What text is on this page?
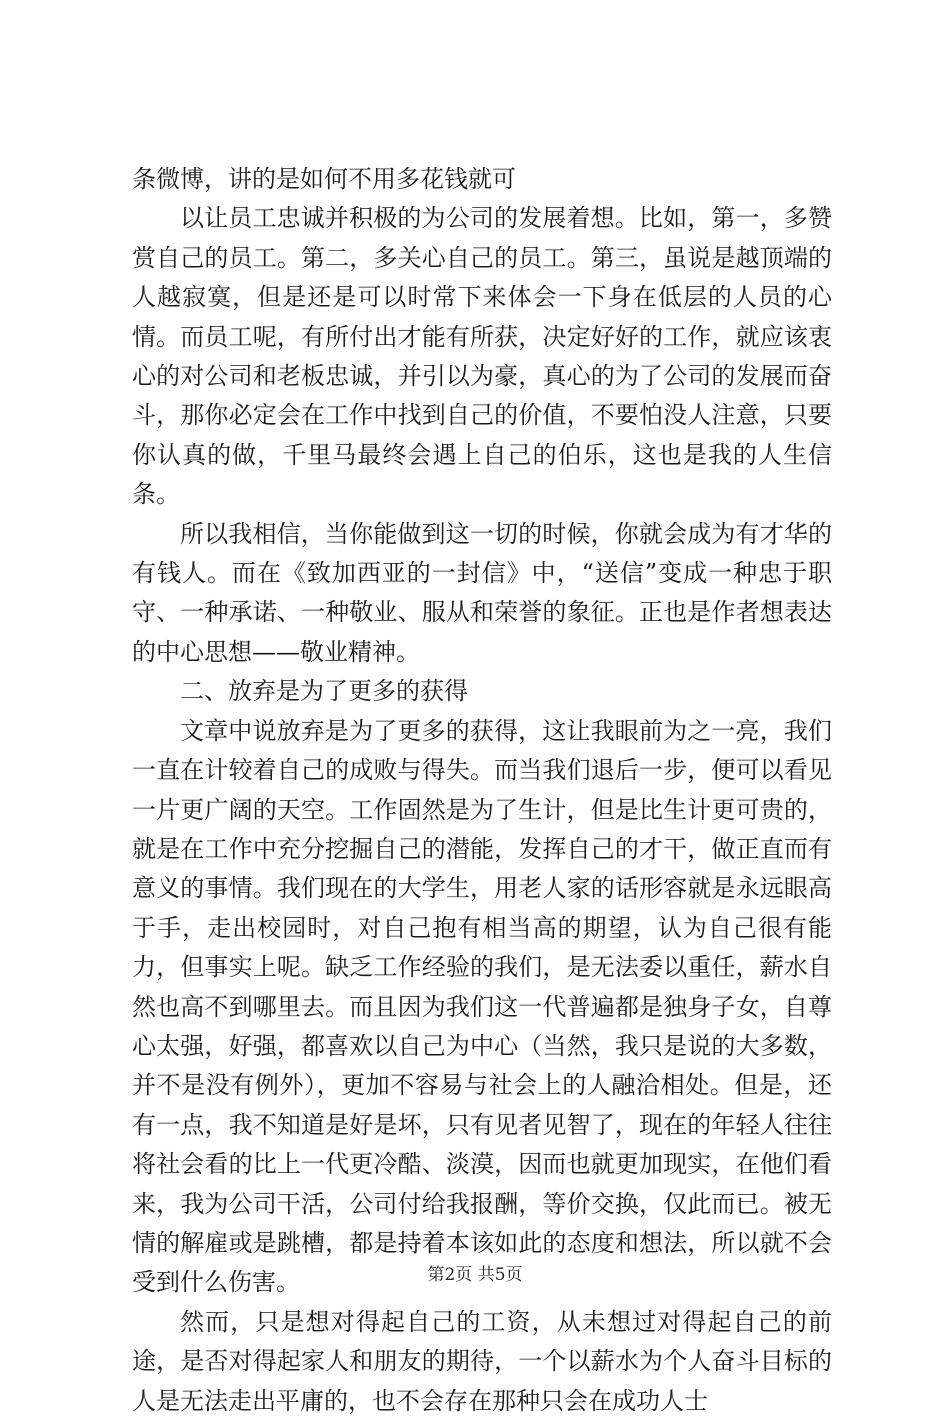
条微博，讲的是如何不用多花钱就可

以让员工忠诚并积极的为公司的发展着想。比如，第一，多赞赏自己的员工。第二，多关心自己的员工。第三，虽说是越顶端的人越寂寞，但是还是可以时常下来体会一下身在低层的人员的心情。而员工呢，有所付出才能有所获，决定好好的工作，就应该衷心的对公司和老板忠诚，并引以为豪，真心的为了公司的发展而奋斗，那你必定会在工作中找到自己的价值，不要怕没人注意，只要你认真的做，千里马最终会遇上自己的伯乐，这也是我的人生信条。

所以我相信，当你能做到这一切的时候，你就会成为有才华的有钱人。而在《致加西亚的一封信》中，“送信”变成一种忠于职守、一种承诺、一种敬业、服从和荣誉的象征。正也是作者想表达的中心思想——敬业精神。

二、放弃是为了更多的获得

文章中说放弃是为了更多的获得，这让我眼前为之一亮，我们一直在计较着自己的成败与得失。而当我们退后一步，便可以看见一片更广阔的天空。工作固然是为了生计，但是比生计更可贵的，就是在工作中充分挖掘自己的潜能，发挥自己的才干，做正直而有意义的事情。我们现在的大学生，用老人家的话形容就是永远眼高于手，走出校园时，对自己抱有相当高的期望，认为自己很有能力，但事实上呢。缺乏工作经验的我们，是无法委以重任，薪水自然也高不到哪里去。而且因为我们这一代普遍都是独身子女，自尊心太强，好强，都喜欢以自己为中心（当然，我只是说的大多数，并不是没有例外），更加不容易与社会上的人融洽相处。但是，还有一点，我不知道是好是坏，只有见者见智了，现在的年轻人往往将社会看的比上一代更冷酷、淡漠，因而也就更加现实，在他们看来，我为公司干活，公司付给我报酬，等价交换，仅此而已。被无情的解雇或是跳槽，都是持着本该如此的态度和想法，所以就不会受到什么伤害。

然而，只是想对得起自己的工资，从未想过对得起自己的前途，是否对得起家人和朋友的期待，一个以薪水为个人奋斗目标的人是无法走出平庸的，也不会存在那种只会在成功人士

第2页 共5页
